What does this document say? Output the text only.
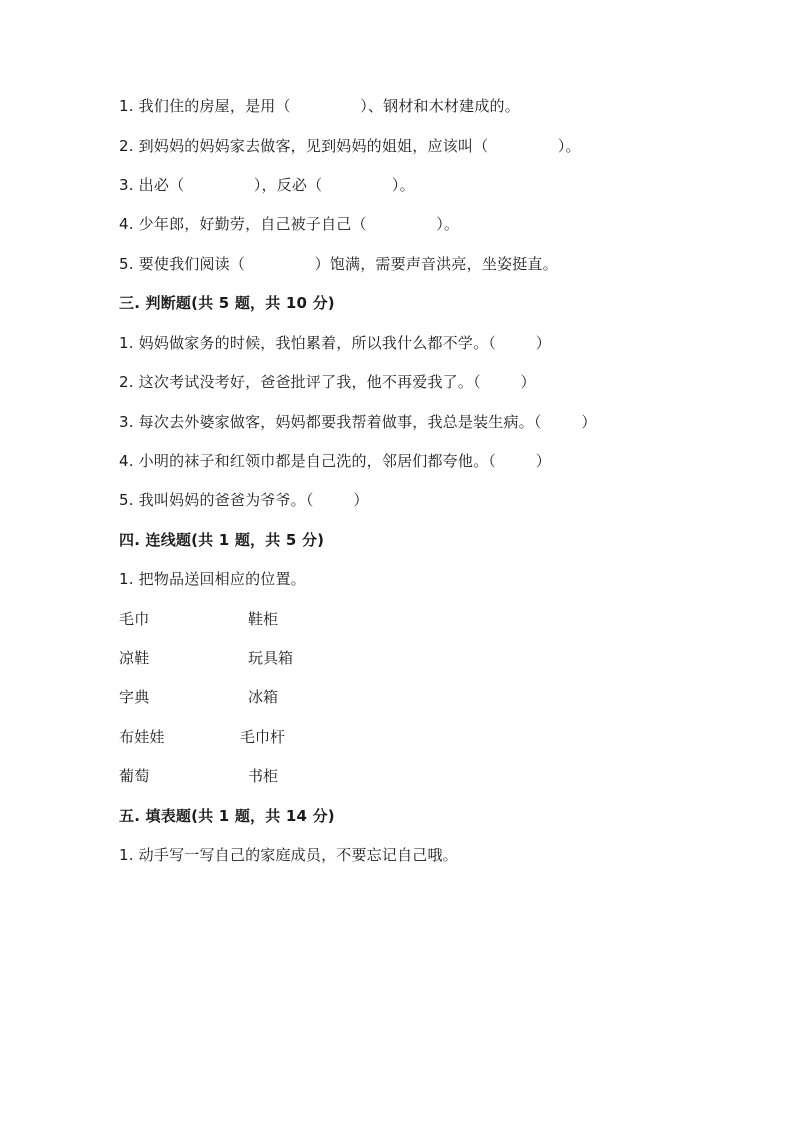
1. 我们住的房屋，是用（              ）、钢材和木材建成的。
2. 到妈妈的妈妈家去做客，见到妈妈的姐姐，应该叫（              ）。
3. 出必（              ），反必（              ）。
4. 少年郎，好勤劳，自己被子自己（              ）。
5. 要使我们阅读（              ）饱满，需要声音洪亮，坐姿挺直。
三. 判断题(共 5 题，共 10 分)
1. 妈妈做家务的时候，我怕累着，所以我什么都不学。（        ）
2. 这次考试没考好，爸爸批评了我，他不再爱我了。（        ）
3. 每次去外婆家做客，妈妈都要我帮着做事，我总是装生病。（        ）
4. 小明的袜子和红领巾都是自己洗的，邻居们都夸他。（        ）
5. 我叫妈妈的爸爸为爷爷。（        ）
四. 连线题(共 1 题，共 5 分)
1. 把物品送回相应的位置。
毛巾	鞋柜
凉鞋	玩具箱
字典	冰箱
布娃娃	毛巾杆
葡萄	书柜
五. 填表题(共 1 题，共 14 分)
1. 动手写一写自己的家庭成员，不要忘记自己哦。
